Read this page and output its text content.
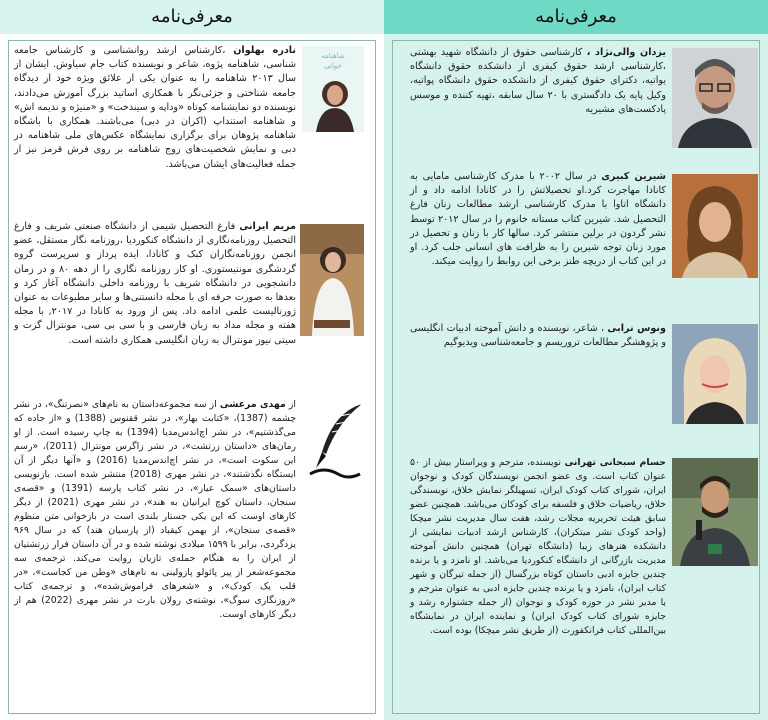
معرفی‌نامه
شاهنامه
خوانی
نادره بهلوان ،کارشناس ارشد روانشناسی و کارشناس جامعه شناسی، شاهنامه پژوه، شاعر و نویسنده کتاب جام سیاوش. ایشان از سال ۲۰۱۳ شاهنامه را به عنوان یکی از علائق ویژه خود از دیدگاه جامعه شناختی و جزئی‌نگر با همکاری اساتید بزرگ آموزش می‌دادند، نویسنده دو نمایشنامه کوتاه «وداپه و سیندخت» و «منیژه و ندیمه اش» و شاهنامه استنداپ (اکران در دبی) می‌باشند. همکاری با باشگاه شاهنامه پژوهان برای برگزاری نمایشگاه عکس‌های ملی شاهنامه در دبی و نمایش شخصیت‌های زوج شاهنامه بر روی فرش قرمز نیز از جمله فعالیت‌های ایشان می‌باشد.
مریم ایرانی فارغ التحصیل شیمی از دانشگاه صنعتی شریف و فارغ التحصیل روزنامه‌نگاری از دانشگاه کنکوردیا ،روزنامه نگار مستقل، عضو انجمن روزنامه‌نگاران کبک و کانادا، ایده پرداز و سرپرست گروه گردشگری مونتیستوری. او کار روزنامه نگاری را از دهه ۸۰ و در زمان دانشجویی در دانشگاه شریف با روزنامه داخلی دانشگاه آغاز کرد و بعدها به صورت حرفه ای با مجله دانستنی‌ها و سایر مطبوعات به عنوان ژورنالیست علمی ادامه داد. پس از ورود به کانادا در ۲۰۱۷, با مجله هفته و مجله مداد به زبان فارسی و با سی بی سی، مونترال گزت و سیتی نیوز مونترال به زبان انگلیسی همکاری داشته است.
از مهدی مرعشی از سه مجموعه‌داستان به نام‌های «نصرتنگ»، در نشر چشمه (1387)، «کتابت بهار»، در نشر ققنوس (1388) و «از جاده که می‌گذشتیم»، در نشر اچ‌اندس‌مدیا (1394) به چاپ رسیده است. از او رمان‌های «داستان زرتشت»، در نشر زاگرس مونترال (2011)، «رسم این سکوت است»، در نشر اچ‌اندس‌مدیا (2016) و «آنها دیگر از آن ایستگاه نگذشتند»، در نشر مهری (2018) منتشر شده است. بازنویسی داستان‌های «سمک عیار»، در نشر کتاب پارسه (1391) و «قصه‌ی سنجان، داستان کوچ ایرانیان به‌ هند»، در نشر مهری (2021) از دیگر کارهای اوست که این یکی جستار بلندی است در بازخوانی متن منظوم «قصه‌ی سنجان»، از بهمن کیقباد (از پارسیان هند) که در سال ۹۶۹ یزدگردی، برابر با ۱۵۹۹ میلادی نوشته شده و در آن داستان فرار زرتشتیان از ایران را به هنگام حمله‌ی تازیان روایت می‌کند. ترجمه‌ی سه مجموعه‌شعر از پیر پائولو پازولینی به نام‌های «وطن من کجاست»، «در قلب یک کودک»، و «شعرهای فراموش‌شده»، و ترجمه‌ی کتاب «روزنگاری سوگ»، نوشته‌ی رولان بارت در نشر مهری (2022) هم از دیگر کارهای اوست.
معرفی‌نامه
یزدان والی‌نژاد ، کارشناسی حقوق از دانشگاه شهید بهشتی ،کارشناسی ارشد حقوق کیفری از دانشکده حقوق دانشگاه یواتیه، دکترای حقوق کیفری از دانشکده حقوق دانشگاه پواتیه، وکیل پایه یک دادگستری با ۲۰ سال سابقه ،تهیه کننده و موسس پادکست‌های مشیریه
شیرین کبیری در سال ۲۰۰۲ با مدرک کارشناسی مامایی به کانادا مهاجرت کرد.او تحصیلاتش را در کانادا ادامه داد و از دانشگاه اتاوا با مدرک کارشناسی ارشد مطالعات زنان فارغ التحصیل شد. شیرین کتاب مستانه خانوم را در سال ۲۰۱۲ توسط نشر گردون در برلین منتشر کرد. سالها کار با زنان و تحصیل در مورد زنان توجه شیرین را به ظرافت های انسانی جلب کرد. او در این کتاب از دریچه طنز برخی این روابط را روایت میکند.
ونوس ترابی ، شاعر، نویسنده و دانش آموخته ادبیات انگلیسی و پژوهشگر مطالعات تروریسم و جامعه‌شناسی ویدیوگیم
حسام سبحانی تهرانی نویسنده، مترجم و ویراستار بیش از ۵۰ عنوان کتاب است. وی عضو انجمن نویسندگان کودک و نوجوان ایران، شورای کتاب کودک ایران، تسهیلگر نمایش خلاق، نویسندگی خلاق، ریاضیات خلاق و فلسفه برای کودکان می‌باشد. همچنین عضو سابق هیئت تحریریه مجلات رشد، هفت سال مدیریت نشر میچکا (واحد کودک نشر میتکران)، کارشناس ارشد ادبیات نمایشی از دانشکده هنرهای زیبا (دانشگاه تهران) همچنین دانش آموخته مدیریت بازرگانی از دانشگاه کنکوردیا می‌باشد. او نامزد و یا برنده چندین جایزه ادبی داستان کوتاه بزرگسال (از جمله تیرگان و شهر کتاب ایران)، نامزد و یا برنده چندین جایزه ادبی به عنوان مترجم و یا مدیر نشر در حوزه کودک و نوجوان (از جمله جشنواره رشد و جایزه شورای کتاب کودک ایران) و نماینده ایران در نمایشگاه بین‌المللی کتاب فرانکفورت (از طریق نشر میچکا) بوده است.
